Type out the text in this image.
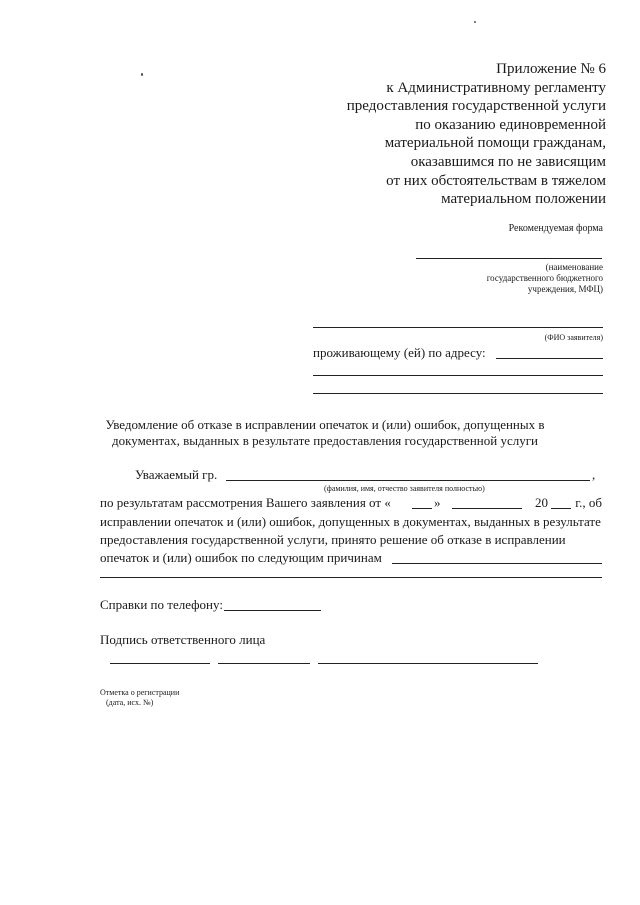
Приложение № 6
к Административному регламенту
предоставления государственной услуги
по оказанию единовременной
материальной помощи гражданам,
оказавшимся по не зависящим
от них обстоятельствам в тяжелом
материальном положении
Рекомендуемая форма
(наименование
государственного бюджетного
учреждения, МФЦ)
(ФИО заявителя)
проживающему (ей) по адресу:
Уведомление об отказе в исправлении опечаток и (или) ошибок, допущенных в
документах, выданных в результате предоставления государственной услуги
Уважаемый гр.	,
(фамилия, имя, отчество заявителя полностью)
по результатам рассмотрения Вашего заявления от «	»	20 г., об
исправлении опечаток и (или) ошибок, допущенных в документах, выданных в результате
предоставления государственной услуги, принято решение об отказе в исправлении
опечаток и (или) ошибок по следующим причинам
Справки по телефону:
Подпись ответственного лица
Отметка о регистрации
(дата, исх. №)
